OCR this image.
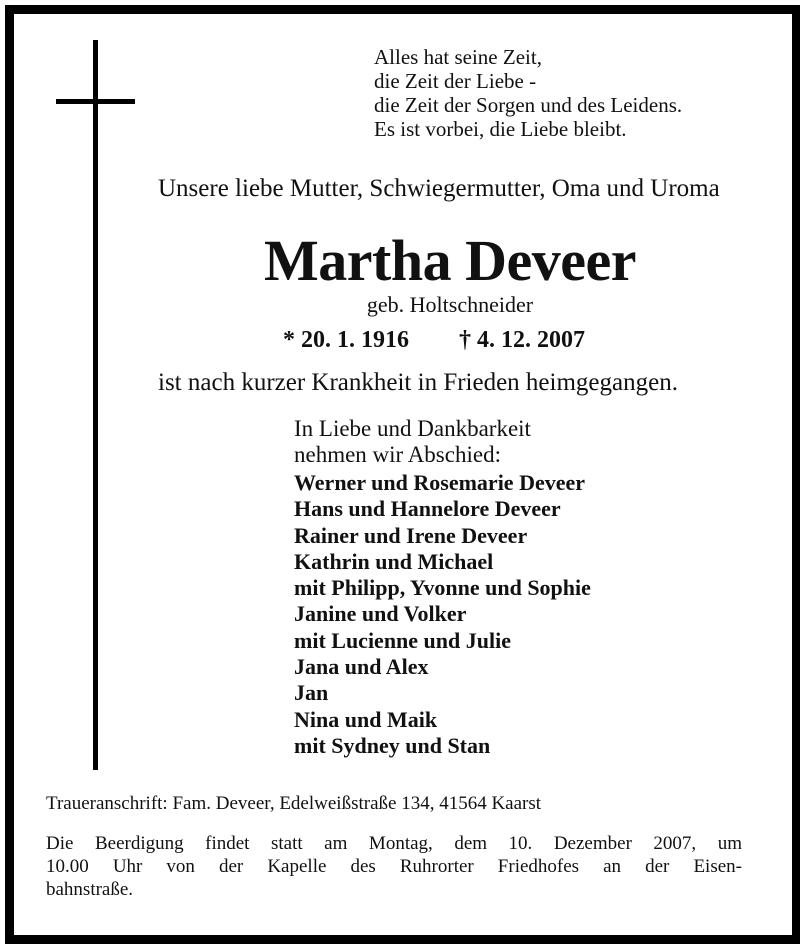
Alles hat seine Zeit,
die Zeit der Liebe -
die Zeit der Sorgen und des Leidens.
Es ist vorbei, die Liebe bleibt.
Unsere liebe Mutter, Schwiegermutter, Oma und Uroma
Martha Deveer
geb. Holtschneider
* 20. 1. 1916 † 4. 12. 2007
ist nach kurzer Krankheit in Frieden heimgegangen.
In Liebe und Dankbarkeit
nehmen wir Abschied:
Werner und Rosemarie Deveer
Hans und Hannelore Deveer
Rainer und Irene Deveer
Kathrin und Michael
mit Philipp, Yvonne und Sophie
Janine und Volker
mit Lucienne und Julie
Jana und Alex
Jan
Nina und Maik
mit Sydney und Stan
Traueranschrift: Fam. Deveer, Edelweißstraße 134, 41564 Kaarst
Die Beerdigung findet statt am Montag, dem 10. Dezember 2007, um
10.00 Uhr von der Kapelle des Ruhrorter Friedhofes an der Eisen-
bahnstraße.
